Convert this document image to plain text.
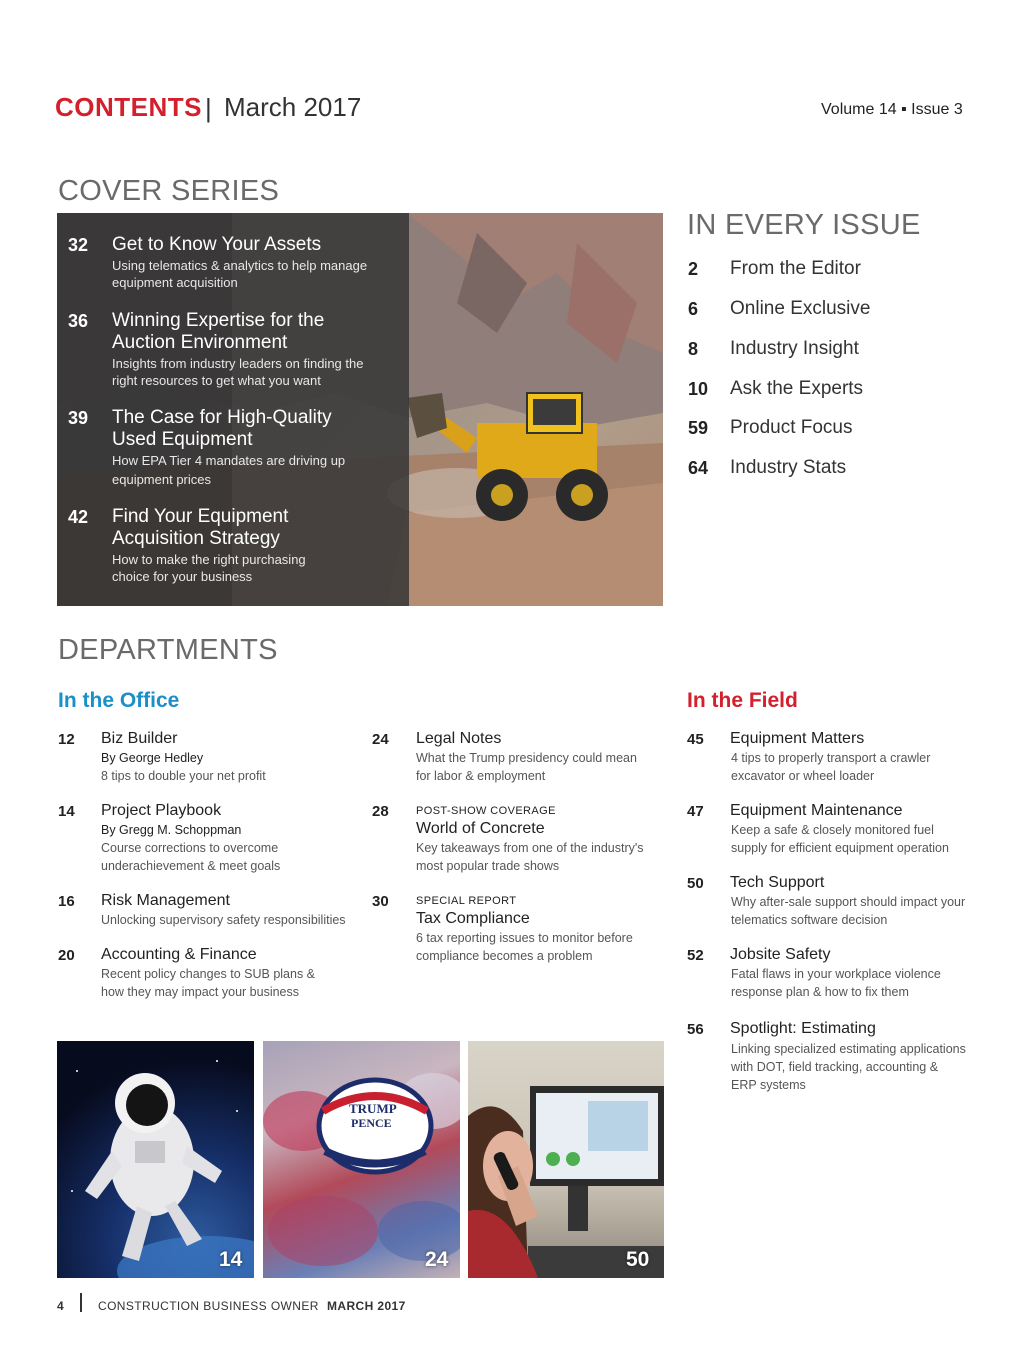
CONTENTS | March 2017	Volume 14 ▪ Issue 3
COVER SERIES
32 Get to Know Your Assets
Using telematics & analytics to help manage
equipment acquisition
36 Winning Expertise for the
Auction Environment
Insights from industry leaders on finding the
right resources to get what you want
39 The Case for High-Quality
Used Equipment
How EPA Tier 4 mandates are driving up
equipment prices
42 Find Your Equipment
Acquisition Strategy
How to make the right purchasing
choice for your business
IN EVERY ISSUE
2 From the Editor
6 Online Exclusive
8 Industry Insight
10 Ask the Experts
59 Product Focus
64 Industry Stats
DEPARTMENTS
In the Office	In the Field
12 Biz Builder
By George Hedley
8 tips to double your net profit
14 Project Playbook
By Gregg M. Schoppman
Course corrections to overcome
underachievement & meet goals
16 Risk Management
Unlocking supervisory safety responsibilities
20 Accounting & Finance
Recent policy changes to SUB plans &
how they may impact your business
24 Legal Notes
What the Trump presidency could mean
for labor & employment
28 POST-SHOW COVERAGE
World of Concrete
Key takeaways from one of the industry's
most popular trade shows
30 SPECIAL REPORT
Tax Compliance
6 tax reporting issues to monitor before
compliance becomes a problem
45 Equipment Matters
4 tips to properly transport a crawler
excavator or wheel loader
47 Equipment Maintenance
Keep a safe & closely monitored fuel
supply for efficient equipment operation
50 Tech Support
Why after-sale support should impact your
telematics software decision
52 Jobsite Safety
Fatal flaws in your workplace violence
response plan & how to fix them
56 Spotlight: Estimating
Linking specialized estimating applications
with DOT, field tracking, accounting &
ERP systems
14
TRUMP
PENCE
24	50
4	CONSTRUCTION BUSINESS OWNER MARCH 2017
